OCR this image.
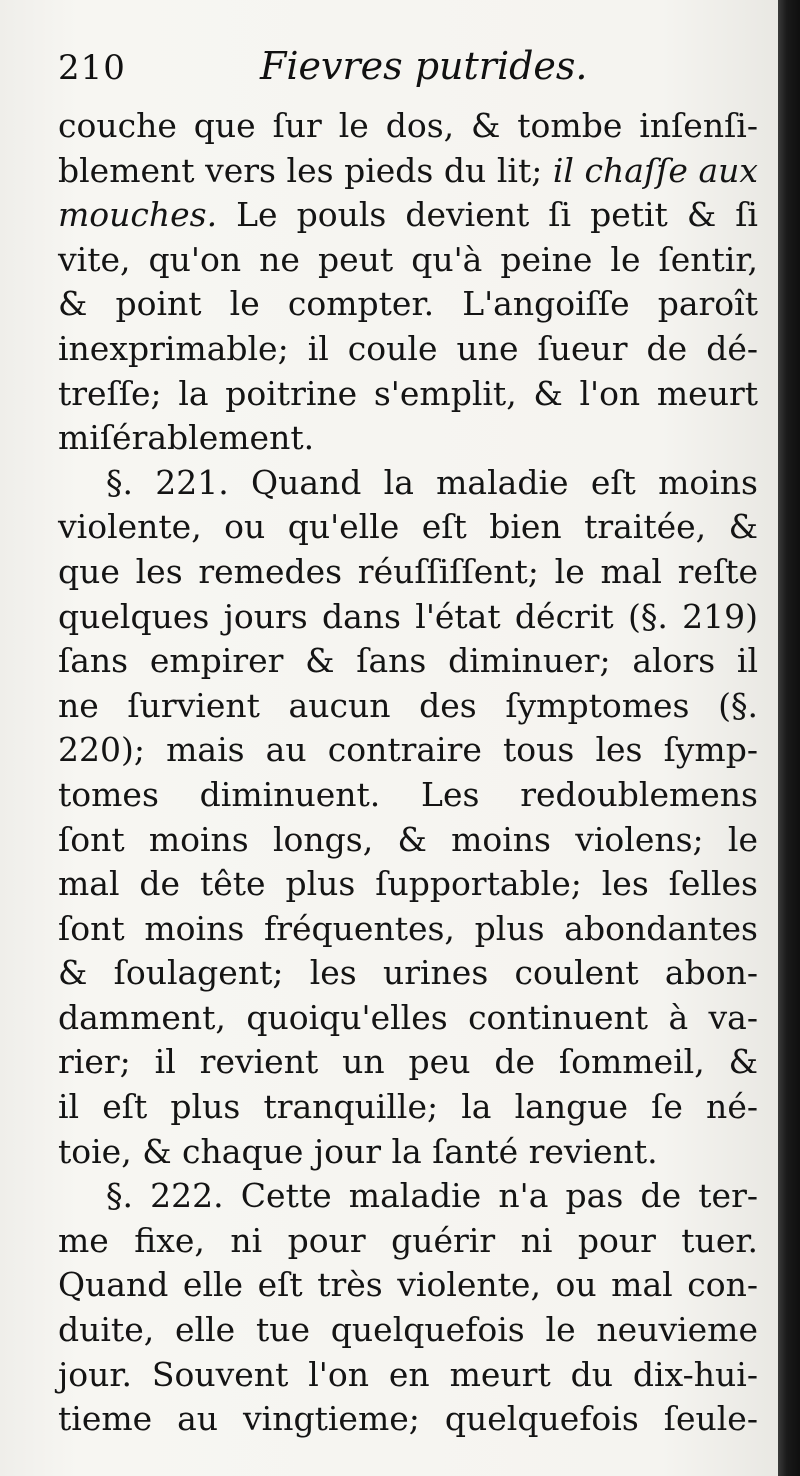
210	Fievres putrides.
couche que ſur le dos, & tombe inſenſi-
blement vers les pieds du lit; il chaſſe aux
mouches. Le pouls devient ſi petit & ſi
vite, qu'on ne peut qu'à peine le ſentir,
& point le compter. L'angoiſſe paroît
inexprimable; il coule une ſueur de dé-
treſſe; la poitrine s'emplit, & l'on meurt
miſérablement.
§. 221. Quand la maladie eſt moins
violente, ou qu'elle eſt bien traitée, &
que les remedes réuſſiſſent; le mal reſte
quelques jours dans l'état décrit (§. 219)
ſans empirer & ſans diminuer; alors il
ne ſurvient aucun des ſymptomes (§.
220); mais au contraire tous les ſymp-
tomes diminuent. Les redoublemens
ſont moins longs, & moins violens; le
mal de tête plus ſupportable; les ſelles
ſont moins fréquentes, plus abondantes
& ſoulagent; les urines coulent abon-
damment, quoiqu'elles continuent à va-
rier; il revient un peu de ſommeil, &
il eſt plus tranquille; la langue ſe né-
toie, & chaque jour la ſanté revient.
§. 222. Cette maladie n'a pas de ter-
me fixe, ni pour guérir ni pour tuer.
Quand elle eſt très violente, ou mal con-
duite, elle tue quelquefois le neuvieme
jour. Souvent l'on en meurt du dix-hui-
tieme au vingtieme; quelquefois ſeule-
